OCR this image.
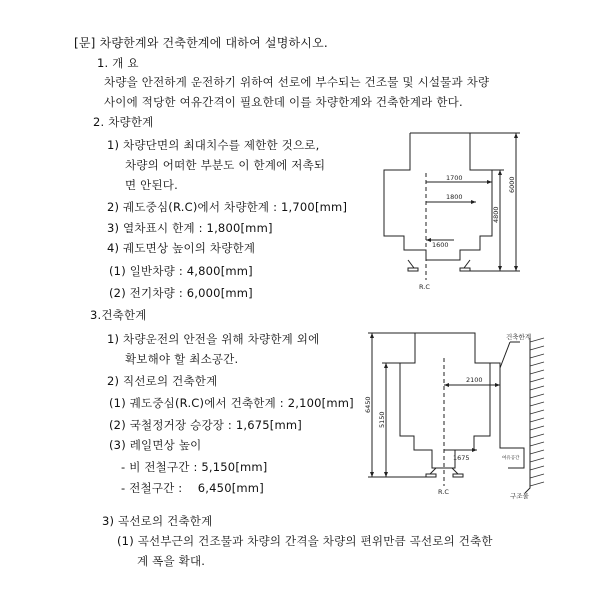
[문] 차량한계와 건축한계에 대하여 설명하시오.
1. 개 요
차량을 안전하게 운전하기 위하여 선로에 부수되는 건조물 및 시설물과 차량
사이에 적당한 여유간격이 필요한데 이를 차량한계와 건축한계라 한다.
2. 차량한계
1) 차량단면의 최대치수를 제한한 것으로,
차량의 어떠한 부분도 이 한계에 저촉되
면 안된다.
2) 궤도중심(R.C)에서 차량한계 : 1,700[mm]
3) 열차표시 한계 : 1,800[mm]
4) 궤도면상 높이의 차량한계
(1) 일반차량 : 4,800[mm]
(2) 전기차량 : 6,000[mm]
3.건축한계
1) 차량운전의 안전을 위해 차량한계 외에
확보해야 할 최소공간.
2) 직선로의 건축한계
(1) 궤도중심(R.C)에서 건축한계 : 2,100[mm]
(2) 국철정거장 승강장 : 1,675[mm]
(3) 레일면상 높이
- 비 전철구간 : 5,150[mm]
- 전철구간 :    6,450[mm]
3) 곡선로의 건축한계
(1) 곡선부근의 건조물과 차량의 간격을 차량의 편위만큼 곡선로의 건축한
계 폭을 확대.
1700
1800
1600
4800
6000
R.C
건축한계
2100
1675
6450
5150
여유공간
R.C	구조물
